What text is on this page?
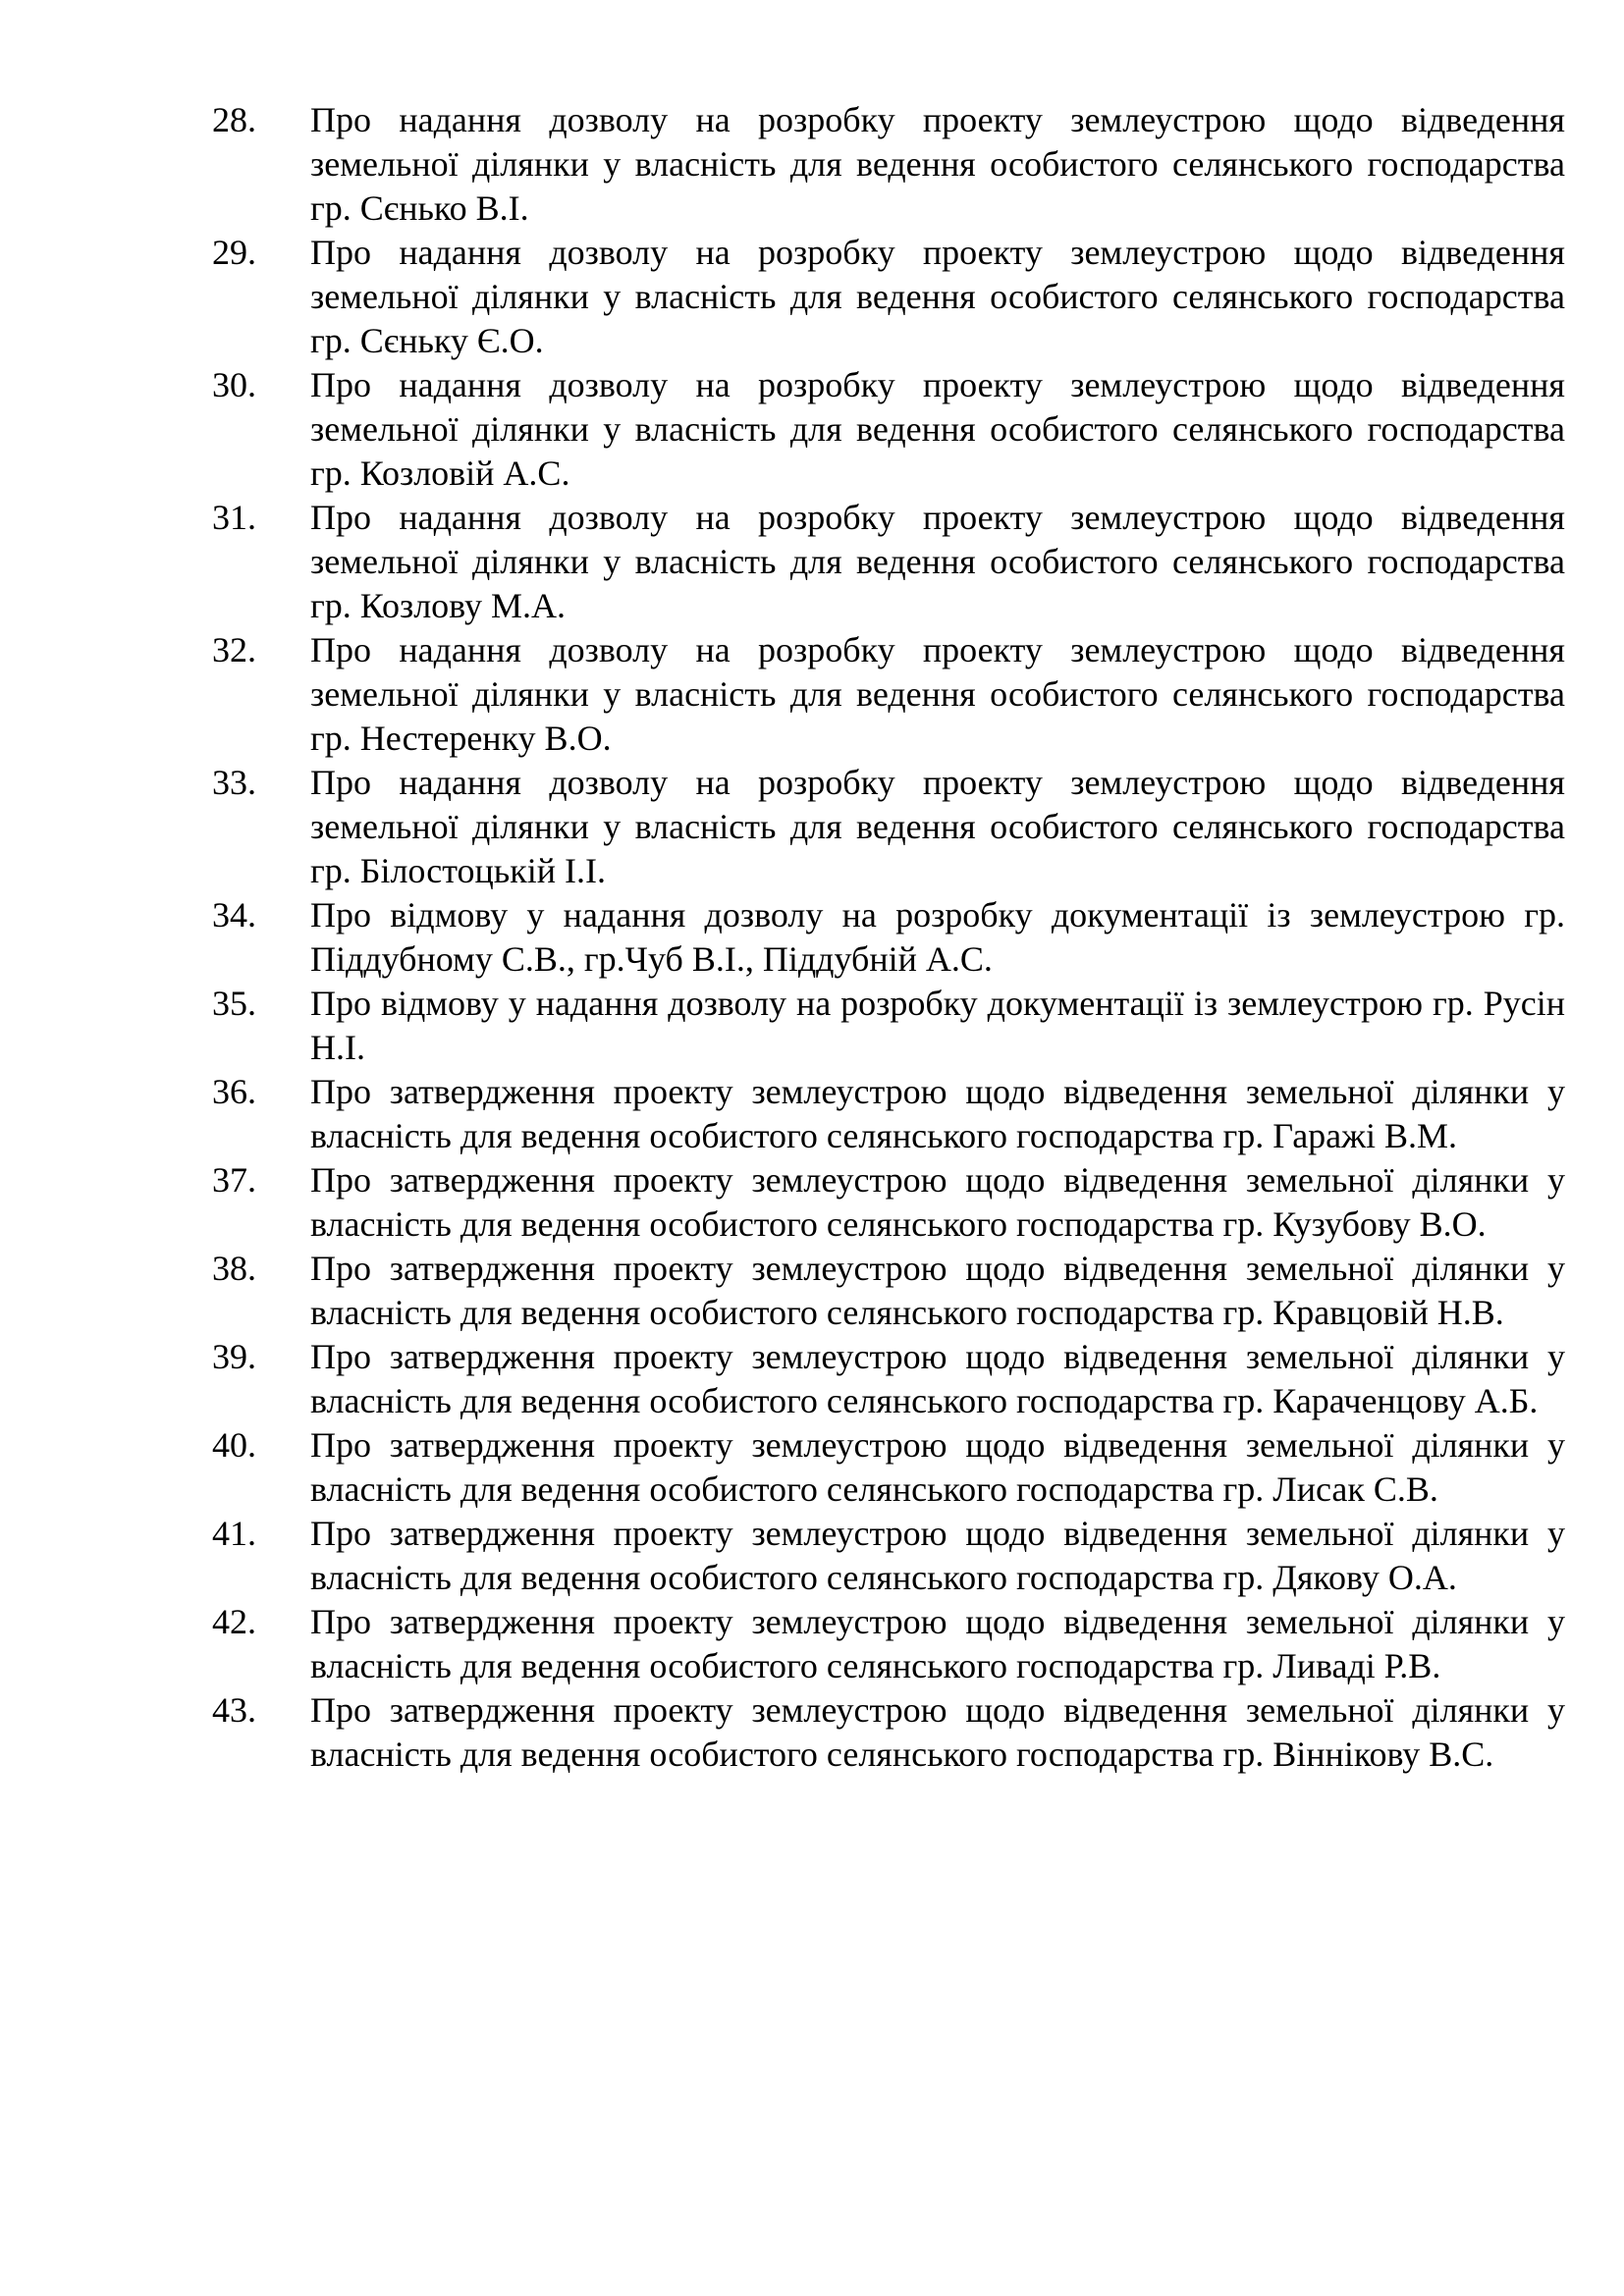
28.	Про надання дозволу на розробку проекту землеустрою щодо відведення земельної ділянки у власність для ведення особистого селянського господарства гр. Сєнько В.І.
29.	Про надання дозволу на розробку проекту землеустрою щодо відведення земельної ділянки у власність для ведення особистого селянського господарства гр. Сєньку Є.О.
30.	Про надання дозволу на розробку проекту землеустрою щодо відведення земельної ділянки у власність для ведення особистого селянського господарства гр. Козловій А.С.
31.	Про надання дозволу на розробку проекту землеустрою щодо відведення земельної ділянки у власність для ведення особистого селянського господарства гр. Козлову М.А.
32.	Про надання дозволу на розробку проекту землеустрою щодо відведення земельної ділянки у власність для ведення особистого селянського господарства гр. Нестеренку В.О.
33.	Про надання дозволу на розробку проекту землеустрою щодо відведення земельної ділянки у власність для ведення особистого селянського господарства гр. Білостоцькій І.І.
34.	Про відмову у надання дозволу на розробку документації із землеустрою гр. Піддубному С.В., гр.Чуб В.І., Піддубній А.С.
35.	Про відмову у надання дозволу на розробку документації із землеустрою гр. Русін Н.І.
36.	Про затвердження проекту землеустрою щодо відведення земельної ділянки у власність для ведення особистого селянського господарства гр. Гаражі В.М.
37.	Про затвердження проекту землеустрою щодо відведення земельної ділянки у власність для ведення особистого селянського господарства гр. Кузубову В.О.
38.	Про затвердження проекту землеустрою щодо відведення земельної ділянки у власність для ведення особистого селянського господарства гр. Кравцовій Н.В.
39.	Про затвердження проекту землеустрою щодо відведення земельної ділянки у власність для ведення особистого селянського господарства гр. Караченцову А.Б.
40.	Про затвердження проекту землеустрою щодо відведення земельної ділянки у власність для ведення особистого селянського господарства гр. Лисак С.В.
41.	Про затвердження проекту землеустрою щодо відведення земельної ділянки у власність для ведення особистого селянського господарства гр. Дякову О.А.
42.	Про затвердження проекту землеустрою щодо відведення земельної ділянки у власність для ведення особистого селянського господарства гр. Ливаді Р.В.
43.	Про затвердження проекту землеустрою щодо відведення земельної ділянки у власність для ведення особистого селянського господарства гр. Віннікову В.С.
